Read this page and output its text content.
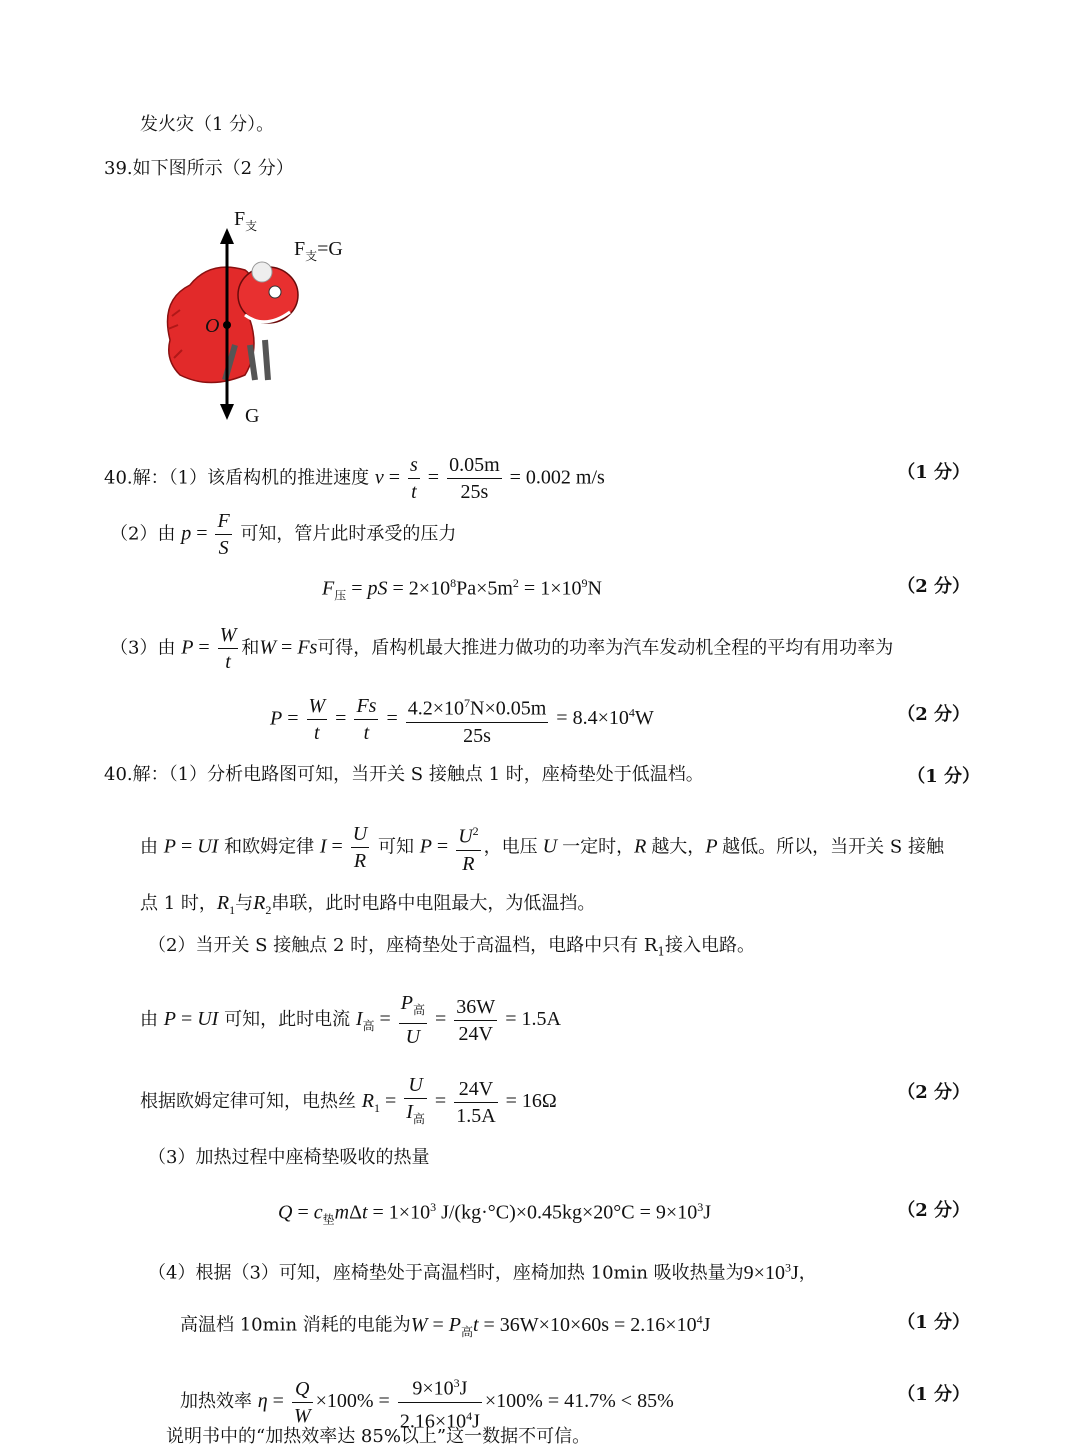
发火灾（1 分）。
39.如下图所示（2 分）
$F_支$
$F_支=G$
O
G
40.解：（1）该盾构机的推进速度 $v = \frac{s}{t} = \frac{0.05m}{25s} = 0.002$ m/s	（1 分）
（2）由 $p = \frac{F}{S}$ 可知，管片此时承受的压力
$F_压$ = pS = $2\times 10^8Pa\times 5m^2 = 1\times 10^9N$	（2 分）
（3）由 $P = \frac{W}{t}$ 和W = Fs可得，盾构机最大推进力做功的功率为汽车发动机全程的平均有用功率为
$P = \frac{W}{t} = \frac{Fs}{t} = \frac{4.2\times 10^7N\times 0.05m}{25s} = 8.4\times 10^4W$	（2 分）
40.解：（1）分析电路图可知，当开关 S 接触点 1 时，座椅垫处于低温档。	（1 分）
由 P = UI 和欧姆定律 $I = \frac{U}{R}$ 可知 $P = \frac{U^2}{R}$ ，电压 U 一定时，R 越大，P 越低。所以，当开关 S 接触
点 1 时，$R_1$与$R_2$串联，此时电路中电阻最大，为低温挡。
（2）当开关 S 接触点 2 时，座椅垫处于高温档，电路中只有 $R_1$接入电路。
由 P = UI 可知，此时电流 $I_高 = \frac{P_高}{U} = \frac{36W}{24V} = 1.5A$
根据欧姆定律可知，电热丝 $R_1 = \frac{U}{I_高} = \frac{24V}{1.5A} = 16\Omega$	（2 分）
（3）加热过程中座椅垫吸收的热量
$Q = c_垫m\Delta t = 1\times 10^3$ $J/(kg\cdot^\circ C)\times 0.45kg\times 20^\circ C = 9\times 10^3J$	（2 分）
（4）根据（3）可知，座椅垫处于高温档时，座椅加热 10min 吸收热量为$9\times 10^3J$，
高温档 10min 消耗的电能为$W = P_高t = 36W\times 10\times 60s = 2.16\times 10^4J$	（1 分）
加热效率 $\eta = \frac{Q}{W} \times 100\% = \frac{9\times 10^3J}{2.16\times 10^4J} \times 100\% = 41.7\% < 85\%$	（1 分）
说明书中的“加热效率达 85%以上”这一数据不可信。
